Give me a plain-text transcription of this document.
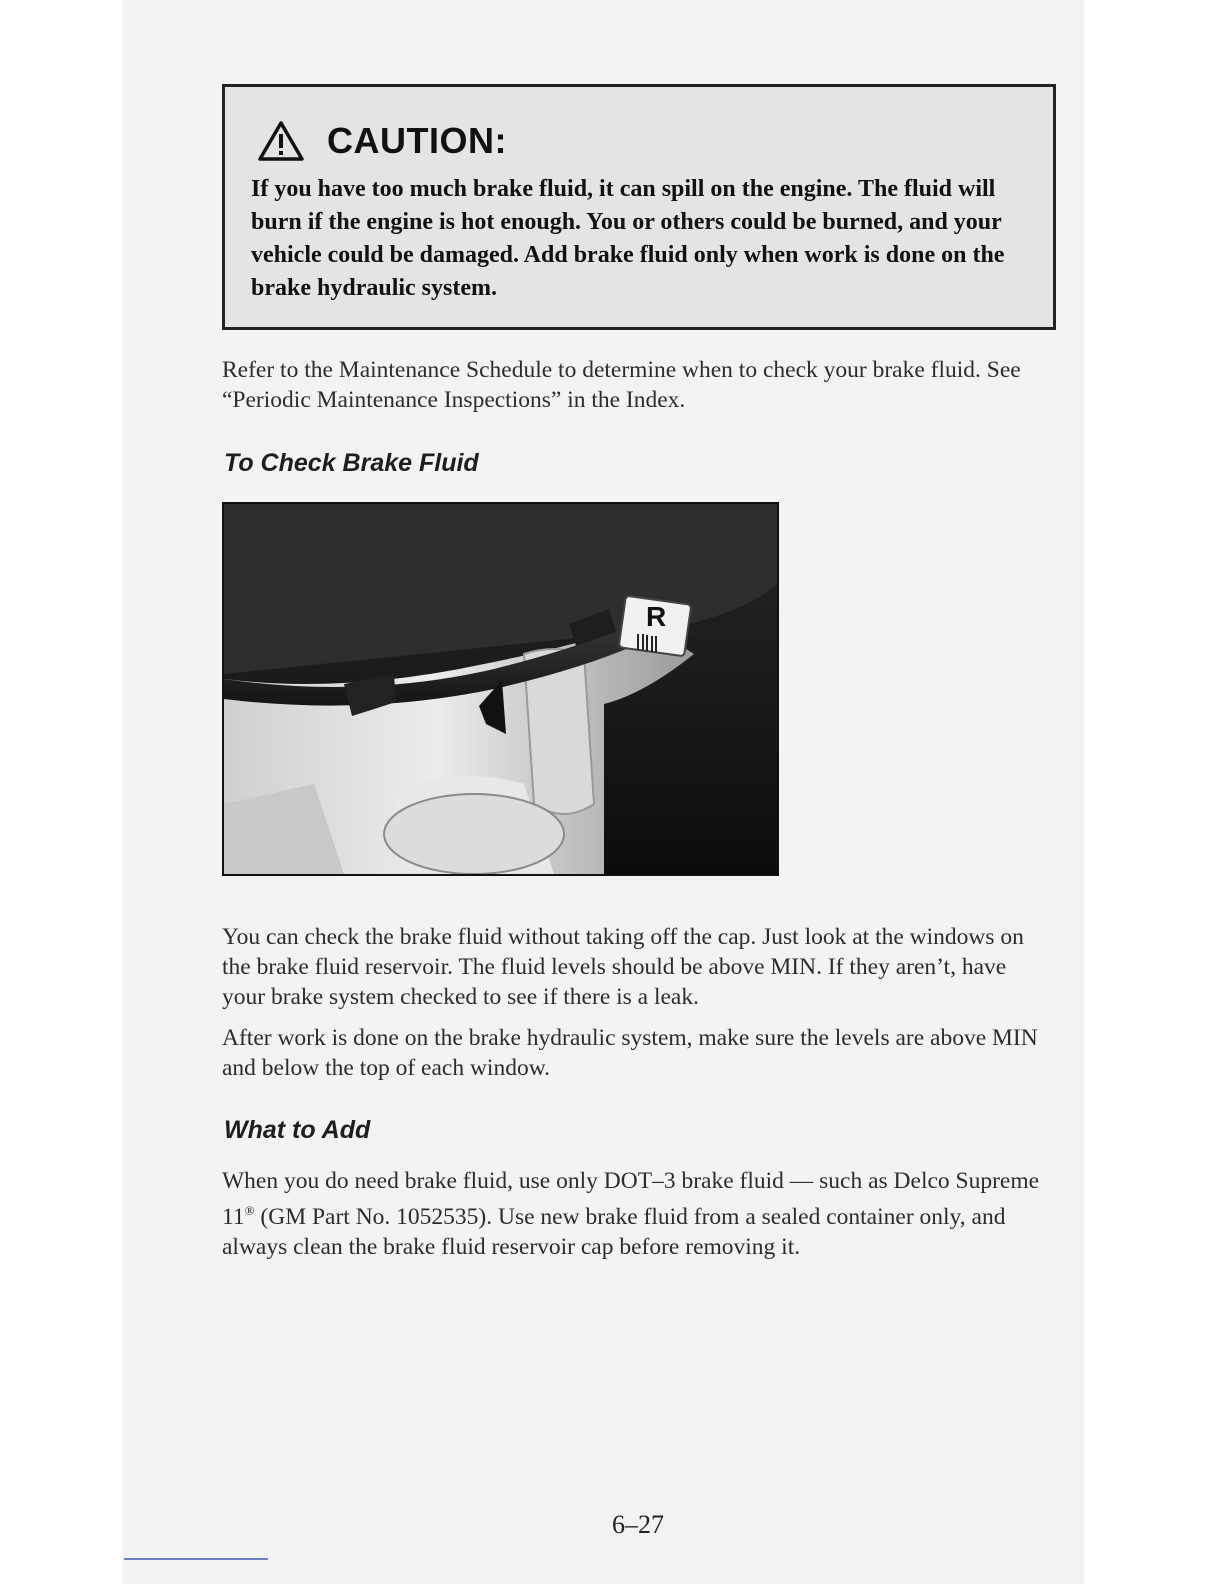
CAUTION:
If you have too much brake fluid, it can spill on the engine. The fluid will burn if the engine is hot enough. You or others could be burned, and your vehicle could be damaged. Add brake fluid only when work is done on the brake hydraulic system.

Refer to the Maintenance Schedule to determine when to check your brake fluid. See “Periodic Maintenance Inspections” in the Index.

To Check Brake Fluid
R

You can check the brake fluid without taking off the cap. Just look at the windows on the brake fluid reservoir. The fluid levels should be above MIN. If they aren’t, have your brake system checked to see if there is a leak.

After work is done on the brake hydraulic system, make sure the levels are above MIN and below the top of each window.

What to Add

When you do need brake fluid, use only DOT–3 brake fluid — such as Delco Supreme 11® (GM Part No. 1052535). Use new brake fluid from a sealed container only, and always clean the brake fluid reservoir cap before removing it.

6–27
